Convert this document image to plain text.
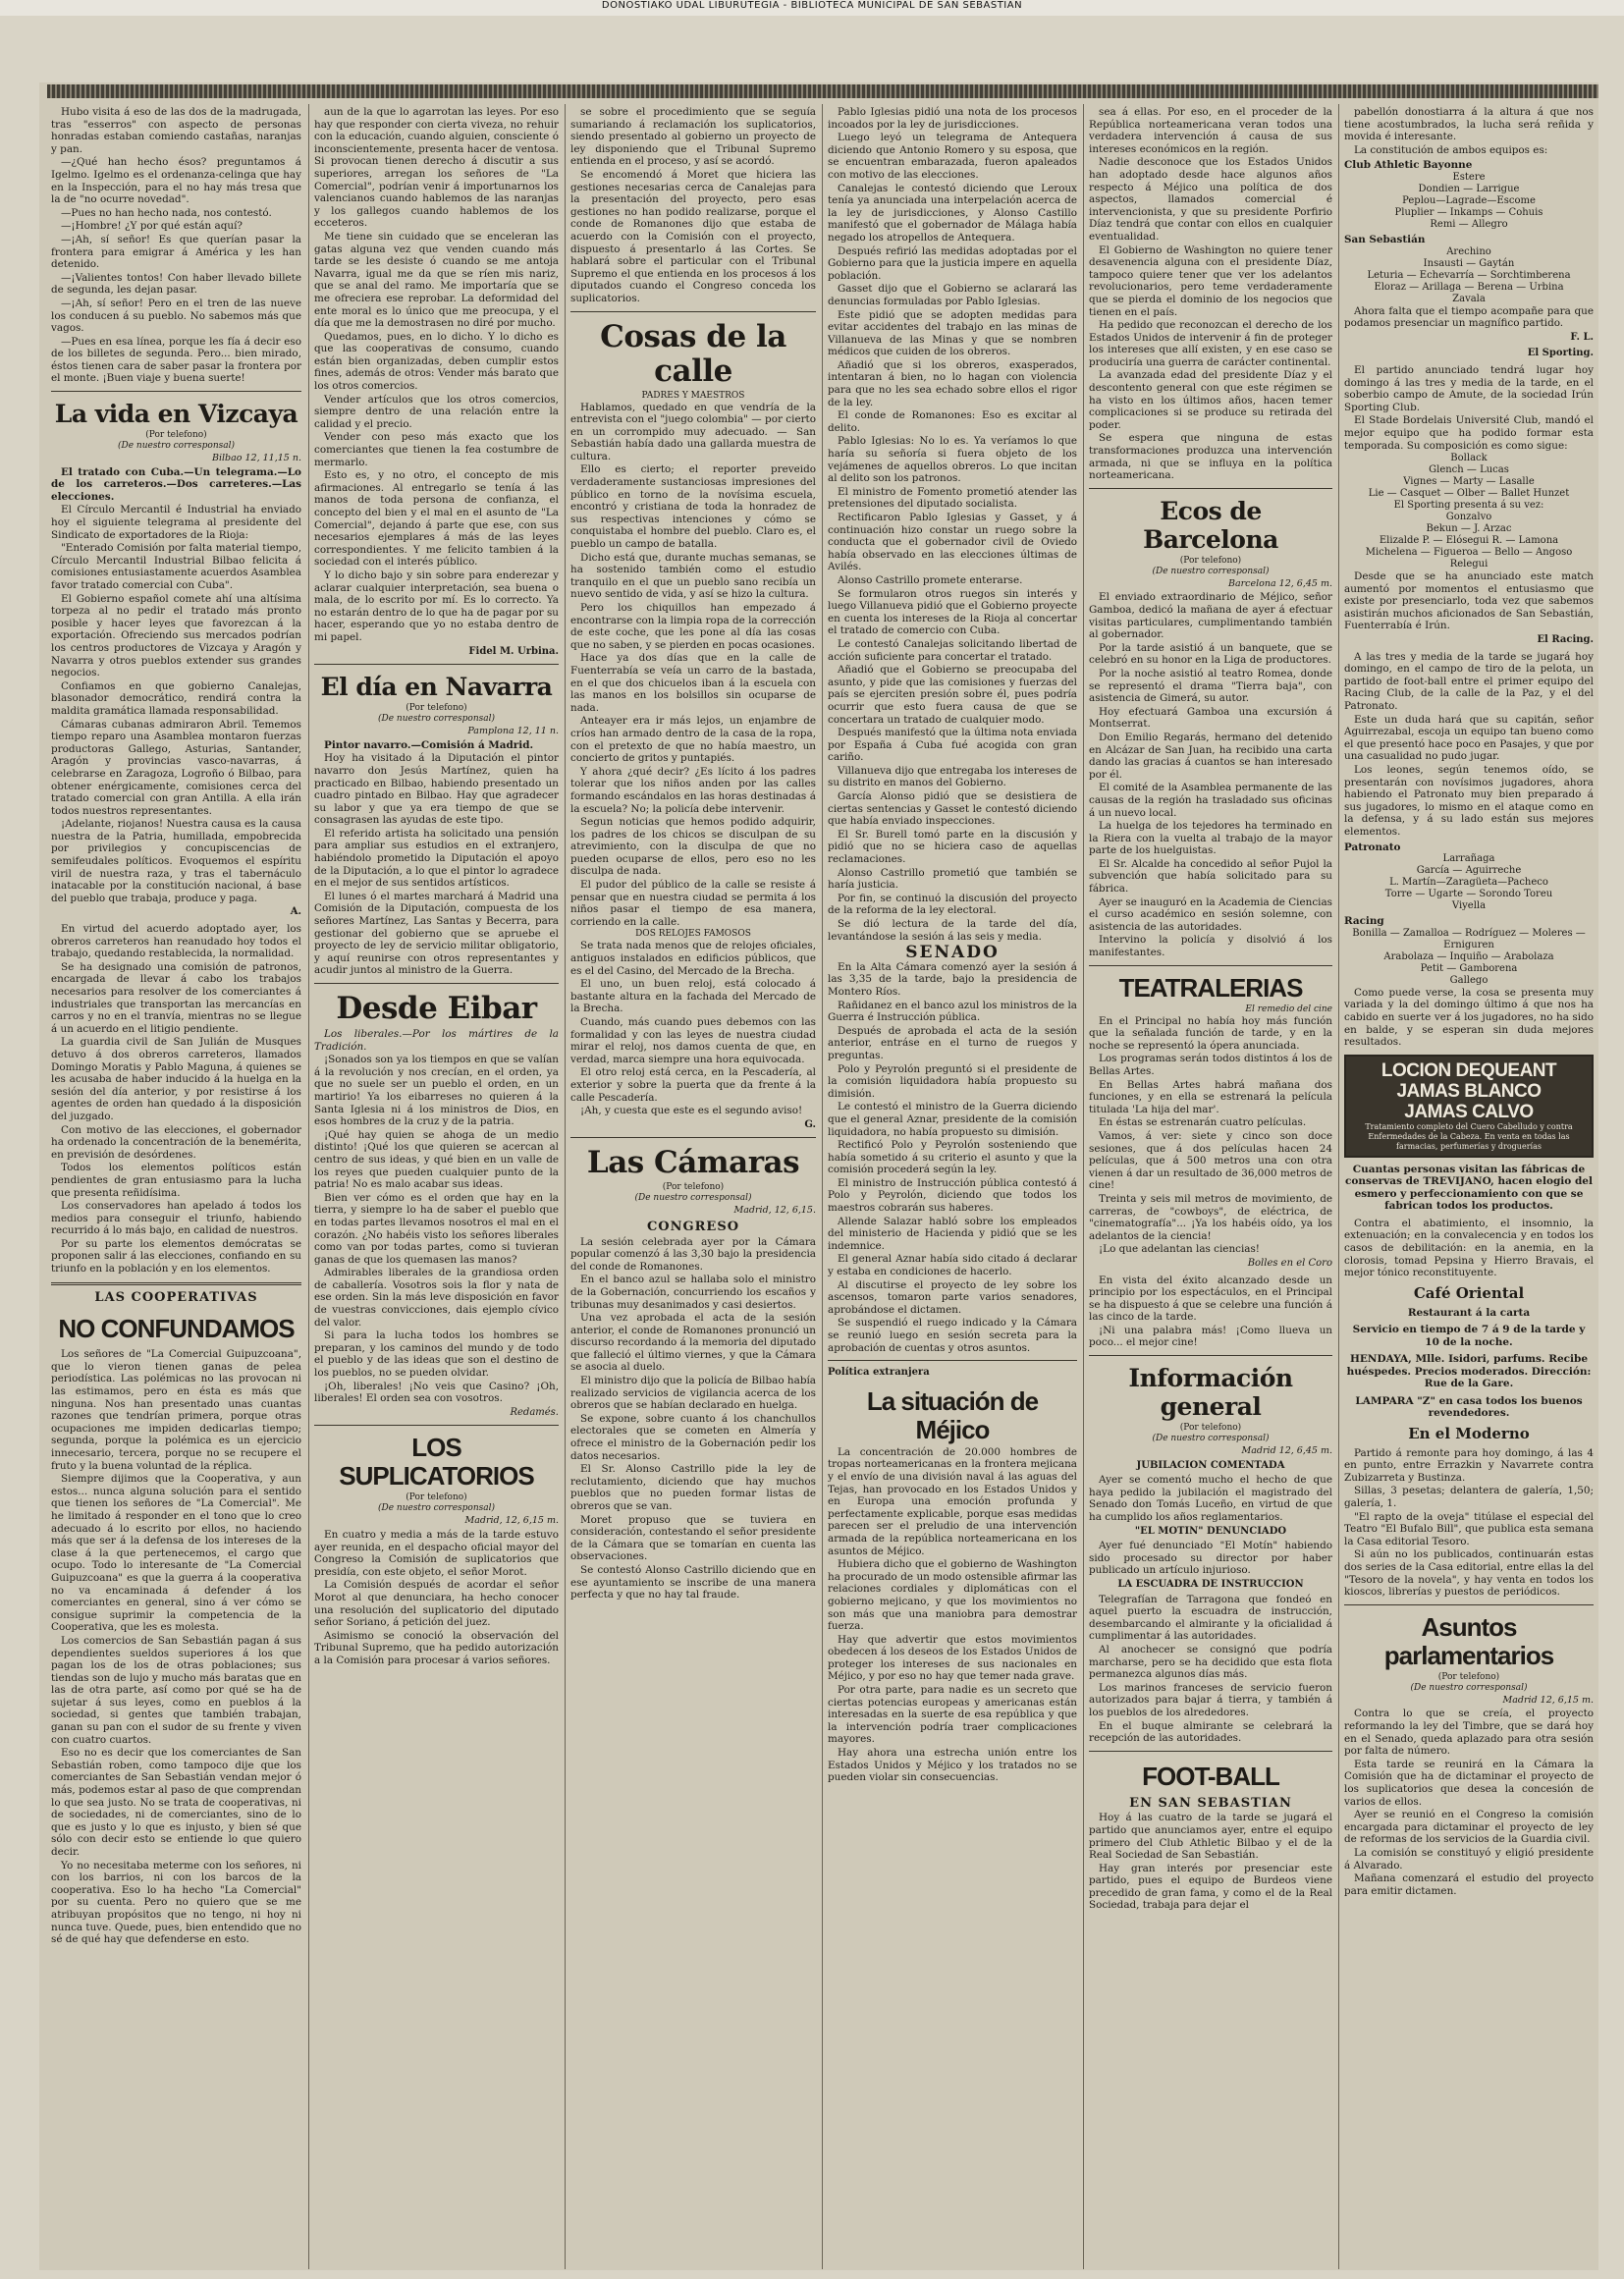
DONOSTIAKO UDAL LIBURUTEGIA - BIBLIOTECA MUNICIPAL DE SAN SEBASTIAN

Hubo visita á eso de las dos de la madrugada, tras "esserros" con aspecto de personas honradas estaban comiendo castañas, naranjas y pan.

—¿Qué han hecho ésos? preguntamos á Igelmo. Igelmo es el ordenanza-celinga que hay en la Inspección, para el no hay más tresa que la de "no ocurre novedad".

—Pues no han hecho nada, nos contestó.

—¡Hombre! ¿Y por qué están aquí?

—¡Ah, sí señor! Es que querían pasar la frontera para emigrar á América y les han detenido.

—¡Valientes tontos! Con haber llevado billete de segunda, les dejan pasar.

—¡Ah, sí señor! Pero en el tren de las nueve los conducen á su pueblo. No sabemos más que vagos.

—Pues en esa línea, porque les fía á decir eso de los billetes de segunda. Pero... bien mirado, éstos tienen cara de saber pasar la frontera por el monte. ¡Buen viaje y buena suerte!

La vida en Vizcaya
(Por telefono)
(De nuestro corresponsal)
Bilbao 12, 11,15 n.

El tratado con Cuba.—Un telegrama.—Lo de los carreteros.—Dos carreteres.—Las elecciones.

El Círculo Mercantil é Industrial ha enviado hoy el siguiente telegrama al presidente del Sindicato de exportadores de la Rioja:

"Enterado Comisión por falta material tiempo, Círculo Mercantil Industrial Bilbao felicita á comisiones entusiastamente acuerdos Asamblea favor tratado comercial con Cuba".

El Gobierno español comete ahí una altísima torpeza al no pedir el tratado más pronto posible y hacer leyes que favorezcan á la exportación. Ofreciendo sus mercados podrían los centros productores de Vizcaya y Aragón y Navarra y otros pueblos extender sus grandes negocios.

Confiamos en que gobierno Canalejas, blasonador democrático, rendirá contra la maldita gramática llamada responsabilidad.

Cámaras cubanas admiraron Abril. Tememos tiempo reparo una Asamblea montaron fuerzas productoras Gallego, Asturias, Santander, Aragón y provincias vasco-navarras, á celebrarse en Zaragoza, Logroño ó Bilbao, para obtener enérgicamente, comisiones cerca del tratado comercial con gran Antilla. A ella irán todos nuestros representantes.

¡Adelante, riojanos! Nuestra causa es la causa nuestra de la Patria, humillada, empobrecida por privilegios y concupiscencias de semifeudales políticos. Evoquemos el espíritu viril de nuestra raza, y tras el tabernáculo inatacable por la constitución nacional, á base del pueblo que trabaja, produce y paga.

A.

En virtud del acuerdo adoptado ayer, los obreros carreteros han reanudado hoy todos el trabajo, quedando restablecida, la normalidad.

Se ha designado una comisión de patronos, encargada de llevar á cabo los trabajos necesarios para resolver de los comerciantes á industriales que transportan las mercancías en carros y no en el tranvía, mientras no se llegue á un acuerdo en el litigio pendiente.

La guardia civil de San Julián de Musques detuvo á dos obreros carreteros, llamados Domingo Moratis y Pablo Maguna, á quienes se les acusaba de haber inducido á la huelga en la sesión del día anterior, y por resistirse á los agentes de orden han quedado á la disposición del juzgado.

Con motivo de las elecciones, el gobernador ha ordenado la concentración de la benemérita, en previsión de desórdenes.

Todos los elementos políticos están pendientes de gran entusiasmo para la lucha que presenta reñidísima.

Los conservadores han apelado á todos los medios para conseguir el triunfo, habiendo recurrido á lo más bajo, en calidad de nuestros.

Por su parte los elementos demócratas se proponen salir á las elecciones, confiando en su triunfo en la población y en los elementos.

LAS COOPERATIVAS
NO CONFUNDAMOS

Los señores de "La Comercial Guipuzcoana", que lo vieron tienen ganas de pelea periodística. Las polémicas no las provocan ni las estimamos, pero en ésta es más que ninguna. Nos han presentado unas cuantas razones que tendrían primera, porque otras ocupaciones me impiden dedicarlas tiempo; segunda, porque la polémica es un ejercicio innecesario, tercera, porque no se recupere el fruto y la buena voluntad de la réplica.

Siempre dijimos que la Cooperativa, y aun estos... nunca alguna solución para el sentido que tienen los señores de "La Comercial". Me he limitado á responder en el tono que lo creo adecuado á lo escrito por ellos, no haciendo más que ser á la defensa de los intereses de la clase á la que pertenecemos, el cargo que ocupo. Todo lo interesante de "La Comercial Guipuzcoana" es que la guerra á la cooperativa no va encaminada á defender á los comerciantes en general, sino á ver cómo se consigue suprimir la competencia de la Cooperativa, que les es molesta.

Los comercios de San Sebastián pagan á sus dependientes sueldos superiores á los que pagan los de los de otras poblaciones; sus tiendas son de lujo y mucho más baratas que en las de otra parte, así como por qué se ha de sujetar á sus leyes, como en pueblos á la sociedad, si gentes que también trabajan, ganan su pan con el sudor de su frente y viven con cuatro cuartos.

Eso no es decir que los comerciantes de San Sebastián roben, como tampoco dije que los comerciantes de San Sebastián vendan mejor ó más, podemos estar al paso de que comprendan lo que sea justo. No se trata de cooperativas, ni de sociedades, ni de comerciantes, sino de lo que es justo y lo que es injusto, y bien sé que sólo con decir esto se entiende lo que quiero decir.

Yo no necesitaba meterme con los señores, ni con los barrios, ni con los barcos de la cooperativa. Eso lo ha hecho "La Comercial" por su cuenta. Pero no quiero que se me atribuyan propósitos que no tengo, ni hoy ni nunca tuve. Quede, pues, bien entendido que no sé de qué hay que defenderse en esto.

aun de la que lo agarrotan las leyes. Por eso hay que responder con cierta viveza, no rehuir con la educación, cuando alguien, consciente ó inconscientemente, presenta hacer de ventosa. Si provocan tienen derecho á discutir a sus superiores, arregan los señores de "La Comercial", podrían venir á importunarnos los valencianos cuando hablemos de las naranjas y los gallegos cuando hablemos de los ecceteros.

Me tiene sin cuidado que se enceleran las gatas alguna vez que venden cuando más tarde se les desiste ó cuando se me antoja Navarra, igual me da que se ríen mis nariz, que se anal del ramo. Me importaría que se me ofreciera ese reprobar. La deformidad del ente moral es lo único que me preocupa, y el día que me la demostrasen no diré por mucho.

Quedamos, pues, en lo dicho. Y lo dicho es que las cooperativas de consumo, cuando están bien organizadas, deben cumplir estos fines, además de otros: Vender más barato que los otros comercios.

Vender artículos que los otros comercios, siempre dentro de una relación entre la calidad y el precio.

Vender con peso más exacto que los comerciantes que tienen la fea costumbre de mermarlo.

Esto es, y no otro, el concepto de mis afirmaciones. Al entregarlo se tenía á las manos de toda persona de confianza, el concepto del bien y el mal en el asunto de "La Comercial", dejando á parte que ese, con sus necesarios ejemplares á más de las leyes correspondientes. Y me felicito tambien á la sociedad con el interés público.

Y lo dicho bajo y sin sobre para enderezar y aclarar cualquier interpretación, sea buena o mala, de lo escrito por mí. Es lo correcto. Ya no estarán dentro de lo que ha de pagar por su hacer, esperando que yo no estaba dentro de mi papel.

Fidel M. Urbina.
El día en Navarra
(Por telefono)
(De nuestro corresponsal)
Pamplona 12, 11 n.

Pintor navarro.—Comisión á Madrid.

Hoy ha visitado á la Diputación el pintor navarro don Jesús Martínez, quien ha practicado en Bilbao, habiendo presentado un cuadro pintado en Bilbao. Hay que agradecer su labor y que ya era tiempo de que se consagrasen las ayudas de este tipo.

El referido artista ha solicitado una pensión para ampliar sus estudios en el extranjero, habiéndolo prometido la Diputación el apoyo de la Diputación, a lo que el pintor lo agradece en el mejor de sus sentidos artísticos.

El lunes ó el martes marchará á Madrid una Comisión de la Diputación, compuesta de los señores Martínez, Las Santas y Becerra, para gestionar del gobierno que se apruebe el proyecto de ley de servicio militar obligatorio, y aquí reunirse con otros representantes y acudir juntos al ministro de la Guerra.

Desde Eibar

Los liberales.—Por los mártires de la Tradición.

¡Sonados son ya los tiempos en que se valían á la revolución y nos crecían, en el orden, ya que no suele ser un pueblo el orden, en un martirio! Ya los eibarreses no quieren á la Santa Iglesia ni á los ministros de Dios, en esos hombres de la cruz y de la patria.

¡Qué hay quien se ahoga de un medio distinto! ¡Qué los que quieren se acercan al centro de sus ideas, y qué bien en un valle de los reyes que pueden cualquier punto de la patria! No es malo acabar sus ideas.

Bien ver cómo es el orden que hay en la tierra, y siempre lo ha de saber el pueblo que en todas partes llevamos nosotros el mal en el corazón. ¿No habéis visto los señores liberales como van por todas partes, como si tuvieran ganas de que los quemasen las manos?

Admirables liberales de la grandiosa orden de caballería. Vosotros sois la flor y nata de ese orden. Sin la más leve disposición en favor de vuestras convicciones, dais ejemplo cívico del valor.

Si para la lucha todos los hombres se preparan, y los caminos del mundo y de todo el pueblo y de las ideas que son el destino de los pueblos, no se pueden olvidar.

¡Oh, liberales! ¡No veis que Casino? ¡Oh, liberales! El orden sea con vosotros.

Redamés.
LOS SUPLICATORIOS
(Por telefono)
(De nuestro corresponsal)
Madrid, 12, 6,15 m.

En cuatro y media a más de la tarde estuvo ayer reunida, en el despacho oficial mayor del Congreso la Comisión de suplicatorios que presidía, con este objeto, el señor Morot.

La Comisión después de acordar el señor Morot al que denunciara, ha hecho conocer una resolución del suplicatorio del diputado señor Soriano, á petición del juez.

Asimismo se conoció la observación del Tribunal Supremo, que ha pedido autorización a la Comisión para procesar á varios señores.

se sobre el procedimiento que se seguía sumariando á reclamación los suplicatorios, siendo presentado al gobierno un proyecto de ley disponiendo que el Tribunal Supremo entienda en el proceso, y así se acordó.

Se encomendó á Moret que hiciera las gestiones necesarias cerca de Canalejas para la presentación del proyecto, pero esas gestiones no han podido realizarse, porque el conde de Romanones dijo que estaba de acuerdo con la Comisión con el proyecto, dispuesto á presentarlo á las Cortes. Se hablará sobre el particular con el Tribunal Supremo el que entienda en los procesos á los diputados cuando el Congreso conceda los suplicatorios.

Cosas de la calle
PADRES Y MAESTROS

Hablamos, quedado en que vendría de la entrevista con el "juego colombia" — por cierto en un corrompido muy adecuado. — San Sebastián había dado una gallarda muestra de cultura.

Ello es cierto; el reporter preveido verdaderamente sustanciosas impresiones del público en torno de la novísima escuela, encontró y cristiana de toda la honradez de sus respectivas intenciones y cómo se conquistaba el hombre del pueblo. Claro es, el pueblo un campo de batalla.

Dicho está que, durante muchas semanas, se ha sostenido también como el estudio tranquilo en el que un pueblo sano recibía un nuevo sentido de vida, y así se hizo la cultura.

Pero los chiquillos han empezado á encontrarse con la limpia ropa de la corrección de este coche, que les pone al día las cosas que no saben, y se pierden en pocas ocasiones.

Hace ya dos días que en la calle de Fuenterrabía se veía un carro de la bastada, en el que dos chicuelos iban á la escuela con las manos en los bolsillos sin ocuparse de nada.

Anteayer era ir más lejos, un enjambre de críos han armado dentro de la casa de la ropa, con el pretexto de que no había maestro, un concierto de gritos y puntapiés.

Y ahora ¿qué decir? ¿Es lícito á los padres tolerar que los niños anden por las calles formando escándalos en las horas destinadas á la escuela? No; la policía debe intervenir.

Segun noticias que hemos podido adquirir, los padres de los chicos se disculpan de su atrevimiento, con la disculpa de que no pueden ocuparse de ellos, pero eso no les disculpa de nada.

El pudor del público de la calle se resiste á pensar que en nuestra ciudad se permita á los niños pasar el tiempo de esa manera, corriendo en la calle.

DOS RELOJES FAMOSOS

Se trata nada menos que de relojes oficiales, antiguos instalados en edificios públicos, que es el del Casino, del Mercado de la Brecha.

El uno, un buen reloj, está colocado á bastante altura en la fachada del Mercado de la Brecha.

Cuando, más cuando pues debemos con las formalidad y con las leyes de nuestra ciudad mirar el reloj, nos damos cuenta de que, en verdad, marca siempre una hora equivocada.

El otro reloj está cerca, en la Pescadería, al exterior y sobre la puerta que da frente á la calle Pescadería.

¡Ah, y cuesta que este es el segundo aviso!

G.
Las Cámaras
(Por telefono)
(De nuestro corresponsal)
Madrid, 12, 6,15.
CONGRESO

La sesión celebrada ayer por la Cámara popular comenzó á las 3,30 bajo la presidencia del conde de Romanones.

En el banco azul se hallaba solo el ministro de la Gobernación, concurriendo los escaños y tribunas muy desanimados y casi desiertos.

Una vez aprobada el acta de la sesión anterior, el conde de Romanones pronunció un discurso recordando á la memoria del diputado que falleció el último viernes, y que la Cámara se asocia al duelo.

El ministro dijo que la policía de Bilbao había realizado servicios de vigilancia acerca de los obreros que se habían declarado en huelga.

Se expone, sobre cuanto á los chanchullos electorales que se cometen en Almería y ofrece el ministro de la Gobernación pedir los datos necesarios.

El Sr. Alonso Castrillo pide la ley de reclutamiento, diciendo que hay muchos pueblos que no pueden formar listas de obreros que se van.

Moret propuso que se tuviera en consideración, contestando el señor presidente de la Cámara que se tomarían en cuenta las observaciones.

Se contestó Alonso Castrillo diciendo que en ese ayuntamiento se inscribe de una manera perfecta y que no hay tal fraude.

Pablo Iglesias pidió una nota de los procesos incoados por la ley de jurisdicciones.

Luego leyó un telegrama de Antequera diciendo que Antonio Romero y su esposa, que se encuentran embarazada, fueron apaleados con motivo de las elecciones.

Canalejas le contestó diciendo que Leroux tenía ya anunciada una interpelación acerca de la ley de jurisdicciones, y Alonso Castillo manifestó que el gobernador de Málaga había negado los atropellos de Antequera.

Después refirió las medidas adoptadas por el Gobierno para que la justicia impere en aquella población.

Gasset dijo que el Gobierno se aclarará las denuncias formuladas por Pablo Iglesias.

Este pidió que se adopten medidas para evitar accidentes del trabajo en las minas de Villanueva de las Minas y que se nombren médicos que cuiden de los obreros.

Añadió que si los obreros, exasperados, intentaran á bien, no lo hagan con violencia para que no les sea echado sobre ellos el rigor de la ley.

El conde de Romanones: Eso es excitar al delito.

Pablo Iglesias: No lo es. Ya veríamos lo que haría su señoría si fuera objeto de los vejámenes de aquellos obreros. Lo que incitan al delito son los patronos.

El ministro de Fomento prometió atender las pretensiones del diputado socialista.

Rectificaron Pablo Iglesias y Gasset, y á continuación hizo constar un ruego sobre la conducta que el gobernador civil de Oviedo había observado en las elecciones últimas de Avilés.

Alonso Castrillo promete enterarse.

Se formularon otros ruegos sin interés y luego Villanueva pidió que el Gobierno proyecte en cuenta los intereses de la Rioja al concertar el tratado de comercio con Cuba.

Le contestó Canalejas solicitando libertad de acción suficiente para concertar el tratado.

Añadió que el Gobierno se preocupaba del asunto, y pide que las comisiones y fuerzas del país se ejerciten presión sobre él, pues podría ocurrir que esto fuera causa de que se concertara un tratado de cualquier modo.

Después manifestó que la última nota enviada por España á Cuba fué acogida con gran cariño.

Villanueva dijo que entregaba los intereses de su distrito en manos del Gobierno.

García Alonso pidió que se desistiera de ciertas sentencias y Gasset le contestó diciendo que había enviado inspecciones.

El Sr. Burell tomó parte en la discusión y pidió que no se hiciera caso de aquellas reclamaciones.

Alonso Castrillo prometió que también se haría justicia.

Por fin, se continuó la discusión del proyecto de la reforma de la ley electoral.

Se dió lectura de la tarde del día, levantándose la sesión á las seis y media.

SENADO

En la Alta Cámara comenzó ayer la sesión á las 3,35 de la tarde, bajo la presidencia de Montero Ríos.

Rañidanez en el banco azul los ministros de la Guerra é Instrucción pública.

Después de aprobada el acta de la sesión anterior, entráse en el turno de ruegos y preguntas.

Polo y Peyrolón preguntó si el presidente de la comisión liquidadora había propuesto su dimisión.

Le contestó el ministro de la Guerra diciendo que el general Aznar, presidente de la comisión liquidadora, no había propuesto su dimisión.

Rectificó Polo y Peyrolón sosteniendo que había sometido á su criterio el asunto y que la comisión procederá según la ley.

El ministro de Instrucción pública contestó á Polo y Peyrolón, diciendo que todos los maestros cobrarán sus haberes.

Allende Salazar habló sobre los empleados del ministerio de Hacienda y pidió que se les indemnice.

El general Aznar había sido citado á declarar y estaba en condiciones de hacerlo.

Al discutirse el proyecto de ley sobre los ascensos, tomaron parte varios senadores, aprobándose el dictamen.

Se suspendió el ruego indicado y la Cámara se reunió luego en sesión secreta para la aprobación de cuentas y otros asuntos.

Política extranjera
La situación de Méjico

La concentración de 20.000 hombres de tropas norteamericanas en la frontera mejicana y el envío de una división naval á las aguas del Tejas, han provocado en los Estados Unidos y en Europa una emoción profunda y perfectamente explicable, porque esas medidas parecen ser el preludio de una intervención armada de la república norteamericana en los asuntos de Méjico.

Hubiera dicho que el gobierno de Washington ha procurado de un modo ostensible afirmar las relaciones cordiales y diplomáticas con el gobierno mejicano, y que los movimientos no son más que una maniobra para demostrar fuerza.

Hay que advertir que estos movimientos obedecen á los deseos de los Estados Unidos de proteger los intereses de sus nacionales en Méjico, y por eso no hay que temer nada grave.

Por otra parte, para nadie es un secreto que ciertas potencias europeas y americanas están interesadas en la suerte de esa república y que la intervención podría traer complicaciones mayores.

Hay ahora una estrecha unión entre los Estados Unidos y Méjico y los tratados no se pueden violar sin consecuencias.

sea á ellas. Por eso, en el proceder de la República norteamericana veran todos una verdadera intervención á causa de sus intereses económicos en la región.

Nadie desconoce que los Estados Unidos han adoptado desde hace algunos años respecto á Méjico una política de dos aspectos, llamados comercial é intervencionista, y que su presidente Porfirio Díaz tendrá que contar con ellos en cualquier eventualidad.

El Gobierno de Washington no quiere tener desavenencia alguna con el presidente Díaz, tampoco quiere tener que ver los adelantos revolucionarios, pero teme verdaderamente que se pierda el dominio de los negocios que tienen en el país.

Ha pedido que reconozcan el derecho de los Estados Unidos de intervenir á fin de proteger los intereses que allí existen, y en ese caso se produciría una guerra de carácter continental.

La avanzada edad del presidente Díaz y el descontento general con que este régimen se ha visto en los últimos años, hacen temer complicaciones si se produce su retirada del poder.

Se espera que ninguna de estas transformaciones produzca una intervención armada, ni que se influya en la política norteamericana.

Ecos de Barcelona
(Por telefono)
(De nuestro corresponsal)
Barcelona 12, 6,45 m.

El enviado extraordinario de Méjico, señor Gamboa, dedicó la mañana de ayer á efectuar visitas particulares, cumplimentando también al gobernador.

Por la tarde asistió á un banquete, que se celebró en su honor en la Liga de productores.

Por la noche asistió al teatro Romea, donde se representó el drama "Tierra baja", con asistencia de Gimerá, su autor.

Hoy efectuará Gamboa una excursión á Montserrat.

Don Emilio Regarás, hermano del detenido en Alcázar de San Juan, ha recibido una carta dando las gracias á cuantos se han interesado por él.

El comité de la Asamblea permanente de las causas de la región ha trasladado sus oficinas á un nuevo local.

La huelga de los tejedores ha terminado en la Riera con la vuelta al trabajo de la mayor parte de los huelguistas.

El Sr. Alcalde ha concedido al señor Pujol la subvención que había solicitado para su fábrica.

Ayer se inauguró en la Academia de Ciencias el curso académico en sesión solemne, con asistencia de las autoridades.

Intervino la policía y disolvió á los manifestantes.

TEATRALERIAS
El remedio del cine

En el Principal no había hoy más función que la señalada función de tarde, y en la noche se representó la ópera anunciada.

Los programas serán todos distintos á los de Bellas Artes.

En Bellas Artes habrá mañana dos funciones, y en ella se estrenará la película titulada 'La hija del mar'.

En éstas se estrenarán cuatro películas.

Vamos, á ver: siete y cinco son doce sesiones, que á dos películas hacen 24 películas, que á 500 metros una con otra vienen á dar un resultado de 36,000 metros de cine!

Treinta y seis mil metros de movimiento, de carreras, de "cowboys", de eléctrica, de "cinematografía"... ¡Ya los habéis oído, ya los adelantos de la ciencia!

¡Lo que adelantan las ciencias!

Bolles en el Coro

En vista del éxito alcanzado desde un principio por los espectáculos, en el Principal se ha dispuesto á que se celebre una función á las cinco de la tarde.

¡Ni una palabra más! ¡Como llueva un poco... el mejor cine!

Información general
(Por telefono)
(De nuestro corresponsal)
Madrid 12, 6,45 m.
JUBILACION COMENTADA

Ayer se comentó mucho el hecho de que haya pedido la jubilación el magistrado del Senado don Tomás Luceño, en virtud de que ha cumplido los años reglamentarios.

"EL MOTIN" DENUNCIADO

Ayer fué denunciado "El Motín" habiendo sido procesado su director por haber publicado un artículo injurioso.

LA ESCUADRA DE INSTRUCCION

Telegrafían de Tarragona que fondeó en aquel puerto la escuadra de instrucción, desembarcando el almirante y la oficialidad á cumplimentar á las autoridades.

Al anochecer se consignó que podría marcharse, pero se ha decidido que esta flota permanezca algunos días más.

Los marinos franceses de servicio fueron autorizados para bajar á tierra, y también á los pueblos de los alrededores.

En el buque almirante se celebrará la recepción de las autoridades.

FOOT-BALL
EN SAN SEBASTIAN

Hoy á las cuatro de la tarde se jugará el partido que anunciamos ayer, entre el equipo primero del Club Athletic Bilbao y el de la Real Sociedad de San Sebastián.

Hay gran interés por presenciar este partido, pues el equipo de Burdeos viene precedido de gran fama, y como el de la Real Sociedad, trabaja para dejar el

pabellón donostiarra á la altura á que nos tiene acostumbrados, la lucha será reñida y movida é interesante.

La constitución de ambos equipos es:

Club Athletic Bayonne
Estere
Dondien — Larrigue
Peplou—Lagrade—Escome
Pluplier — Inkamps — Cohuis
Remi — Allegro
San Sebastián
Arechino
Insausti — Gaytán
Leturia — Echevarría — Sorchtimberena
Eloraz — Arillaga — Berena — Urbina
Zavala

Ahora falta que el tiempo acompañe para que podamos presenciar un magnífico partido.

F. L.
El Sporting.

El partido anunciado tendrá lugar hoy domingo á las tres y media de la tarde, en el soberbio campo de Amute, de la sociedad Irún Sporting Club.

El Stade Bordelais Université Club, mandó el mejor equipo que ha podido formar esta temporada. Su composición es como sigue:

Bollack
Glench — Lucas
Vignes — Marty — Lasalle
Lie — Casquet — Olber — Ballet Hunzet
El Sporting presenta á su vez:
Gonzalvo
Bekun — J. Arzac
Elizalde P. — Elósegui R. — Lamona
Michelena — Figueroa — Bello — Angoso
Relegui

Desde que se ha anunciado este match aumentó por momentos el entusiasmo que existe por presenciarlo, toda vez que sabemos asistirán muchos aficionados de San Sebastián, Fuenterrabía é Irún.

El Racing.

A las tres y media de la tarde se jugará hoy domingo, en el campo de tiro de la pelota, un partido de foot-ball entre el primer equipo del Racing Club, de la calle de la Paz, y el del Patronato.

Este un duda hará que su capitán, señor Aguirrezabal, escoja un equipo tan bueno como el que presentó hace poco en Pasajes, y que por una casualidad no pudo jugar.

Los leones, según tenemos oído, se presentarán con novísimos jugadores, ahora habiendo el Patronato muy bien preparado á sus jugadores, lo mismo en el ataque como en la defensa, y á su lado están sus mejores elementos.

Patronato
Larrañaga
García — Aguirreche
L. Martín—Zaragüeta—Pacheco
Torre — Ugarte — Sorondo Toreu
Viyella
Racing
Bonilla — Zamalloa — Rodríguez — Moleres — Erniguren
Arabolaza — Inquiño — Arabolaza
Petit — Gamborena
Gallego

Como puede verse, la cosa se presenta muy variada y la del domingo último á que nos ha cabido en suerte ver á los jugadores, no ha sido en balde, y se esperan sin duda mejores resultados.

LOCION DEQUEANT
JAMAS BLANCO
JAMAS CALVO
Tratamiento completo del Cuero Cabelludo y contra Enfermedades de la Cabeza. En venta en todas las farmacias, perfumerías y droguerías
Cuantas personas visitan las fábricas de conservas de TREVIJANO, hacen elogio del esmero y perfeccionamiento con que se fabrican todos los productos.

Contra el abatimiento, el insomnio, la extenuación; en la convalecencia y en todos los casos de debilitación: en la anemia, en la clorosis, tomad Pepsina y Hierro Bravais, el mejor tónico reconstituyente.

Café Oriental
Restaurant á la carta
Servicio en tiempo de 7 á 9 de la tarde y 10 de la noche.
HENDAYA, Mlle. Isidori, parfums. Recibe huéspedes. Precios moderados. Dirección: Rue de la Gare.
LAMPARA "Z" en casa todos los buenos revendedores.
En el Moderno

Partido á remonte para hoy domingo, á las 4 en punto, entre Errazkin y Navarrete contra Zubizarreta y Bustinza.

Sillas, 3 pesetas; delantera de galería, 1,50; galería, 1.

"El rapto de la oveja" titúlase el especial del Teatro "El Bufalo Bill", que publica esta semana la Casa editorial Tesoro.

Si aún no los publicados, continuarán estas dos series de la Casa editorial, entre ellas la del "Tesoro de la novela", y hay venta en todos los kioscos, librerías y puestos de periódicos.

Asuntos parlamentarios
(Por telefono)
(De nuestro corresponsal)
Madrid 12, 6,15 m.

Contra lo que se creía, el proyecto reformando la ley del Timbre, que se dará hoy en el Senado, queda aplazado para otra sesión por falta de número.

Esta tarde se reunirá en la Cámara la Comisión que ha de dictaminar el proyecto de los suplicatorios que desea la concesión de varios de ellos.

Ayer se reunió en el Congreso la comisión encargada para dictaminar el proyecto de ley de reformas de los servicios de la Guardia civil.

La comisión se constituyó y eligió presidente á Alvarado.

Mañana comenzará el estudio del proyecto para emitir dictamen.
